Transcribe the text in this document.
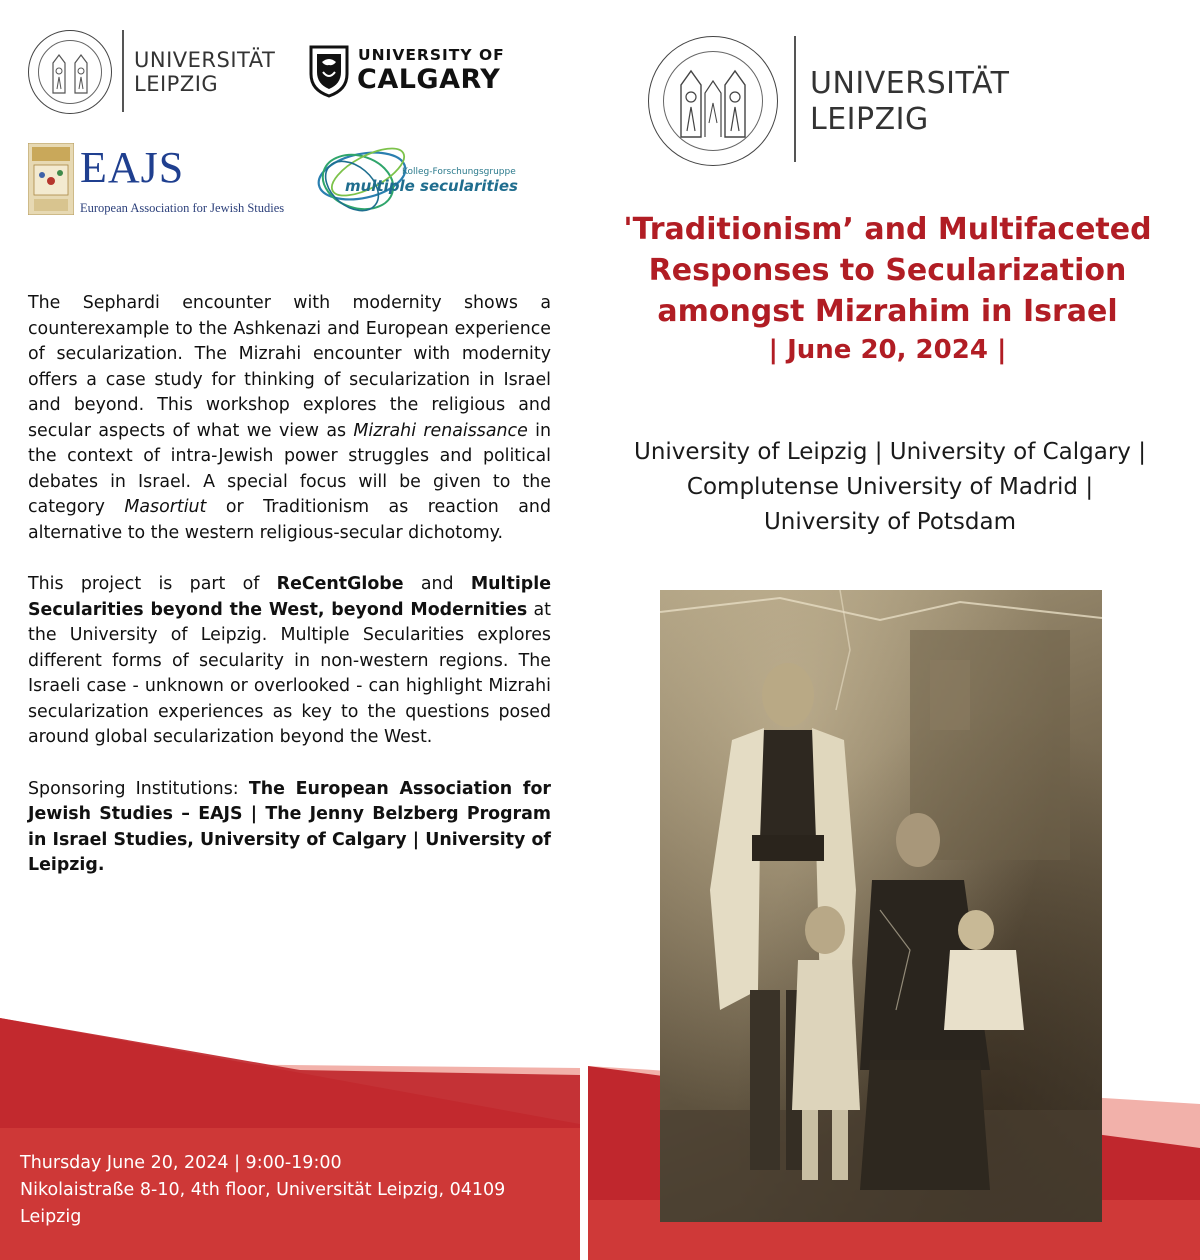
UNIVERSITÄT
LEIPZIG
UNIVERSITY OF
CALGARY
EAJS
European Association for Jewish Studies
Kolleg-Forschungsgruppe
multiple secularities
UNIVERSITÄT
LEIPZIG

The Sephardi encounter with modernity shows a counterexample to the Ashkenazi and European experience of secularization. The Mizrahi encounter with modernity offers a case study for thinking of secularization in Israel and beyond. This workshop explores the religious and secular aspects of what we view as Mizrahi renaissance in the context of intra-Jewish power struggles and political debates in Israel. A special focus will be given to the category Masortiut or Traditionism as reaction and alternative to the western religious-secular dichotomy.

This project is part of ReCentGlobe and Multiple Secularities beyond the West, beyond Modernities at the University of Leipzig. Multiple Secularities explores different forms of secularity in non-western regions. The Israeli case - unknown or overlooked - can highlight Mizrahi secularization experiences as key to the questions posed around global secularization beyond the West.

Sponsoring Institutions: The European Association for Jewish Studies – EAJS | The Jenny Belzberg Program in Israel Studies, University of Calgary | University of Leipzig.

'Traditionism’ and Multifaceted
Responses to Secularization
amongst Mizrahim in Israel
| June 20, 2024 |
University of Leipzig | University of Calgary |
Complutense University of Madrid |
University of Potsdam
Thursday June 20, 2024 | 9:00-19:00
Nikolaistraße 8-10, 4th floor, Universität Leipzig, 04109
Leipzig
